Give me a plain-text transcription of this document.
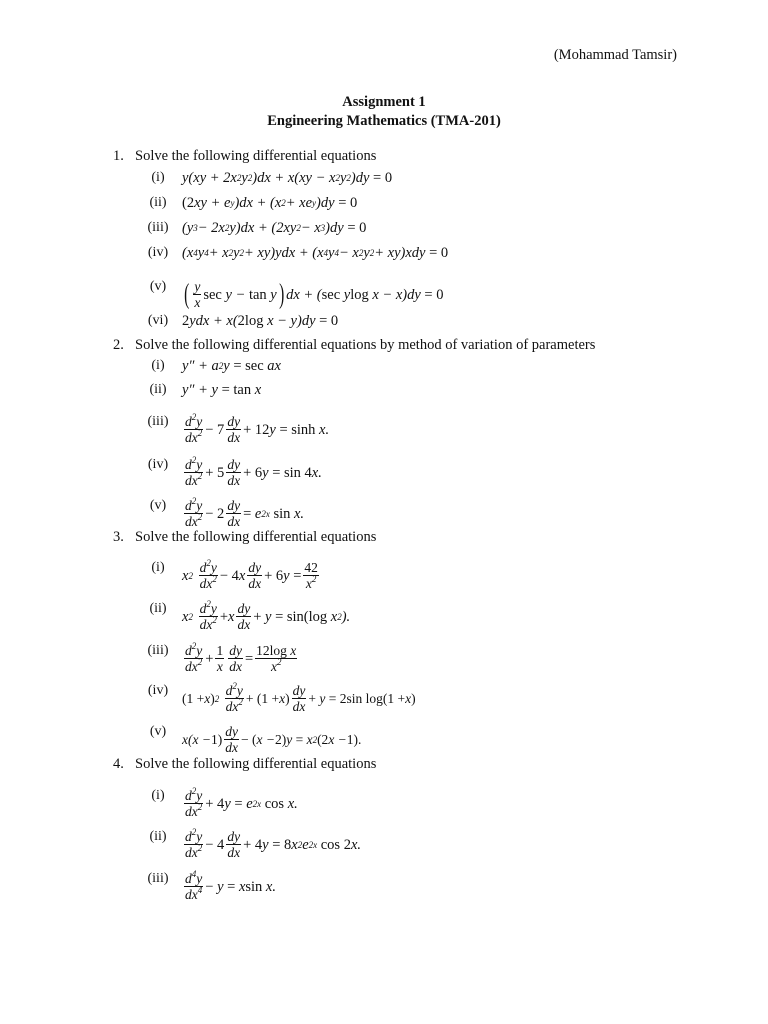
(Mohammad Tamsir)
Assignment 1
Engineering Mathematics (TMA-201)
1. Solve the following differential equations
(i)	y(xy + 2x 2 y 2 )dx + x(xy − x 2 y 2 )dy = 0
(ii)	(2 xy + e y )dx + (x 2 + xe y )dy = 0
(iii) (y 3 − 2x 2 y)dx + (2xy 2 − x 3 )dy = 0
(iv) (x 4 y 4 + x 2 y 2 + xy)ydx + (x 4 y 4 − x 2 y 2 + xy)xdy = 0
(v) ( y
x sec y − tan y ) dx + ( sec y log x − x)dy = 0
(vi) 2 ydx + x( 2log x − y)dy = 0
2. Solve the following differential equations by method of variation of parameters
(i)	y″ + a 2 y = sec ax
(ii)	y″ + y = tan x
(iii)	$d^2y$
$dx^2 - 7$ dy
dx + 12 y = sinh x.
(iv)	$d^2y$
$dx^2 + 5$ dy
dx + 6 y = sin 4 x.
(v)	$d^2y$
$dx^2 - 2 \frac{dy}{dx} = e$ 2x sin x.
3. Solve the following differential equations
(i)	x 2

$d^2y$
$dx^2 - 4$ x dy
dx + 6 $y = \frac{42}{x^2}$
(ii)	x 2

$d^2y$
$dx^2 + x \frac{dy}{dx} + y = \sin(\log$ x 2 ).
(iii)	$d^2y$
$dx^2 + \frac{1}{x} \frac{dy}{dx} = \frac{\text{12log x}}{x^2}$
(iv)	(1 + x ) 2

$d^2y$
$dx^2 + (1 + x$ ) dy
dx
+ y = 2sin log(1 + x )
(v)	x(x − 1) dy
dx
− ( x − 2) y = x 2 (2 x − 1).
4. Solve the following differential equations
(i)	$d^2y$
$dx^2 + 4$ y = e 2x cos x.
(ii)	$d^2y$
$dx^2 - 4$ dy
dx + 4 y = 8 x 2 e 2x cos 2 x.
(iii)	$d^4y$
$dx^4 - y = x$ sin x.
